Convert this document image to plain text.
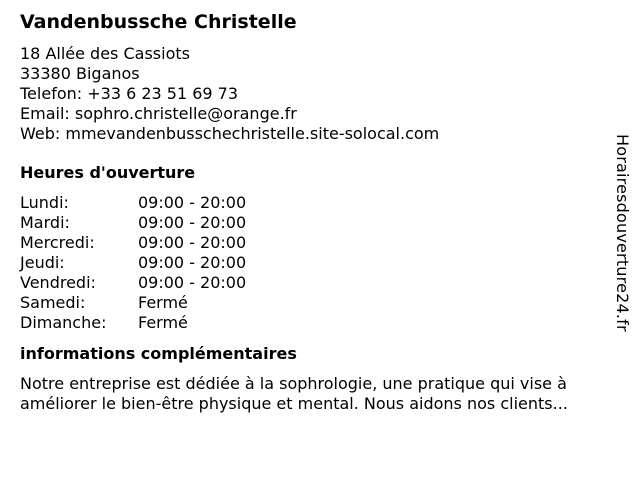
Vandenbussche Christelle
18 Allée des Cassiots
33380 Biganos
Telefon: +33 6 23 51 69 73
Email: sophro.christelle@orange.fr
Web: mmevandenbusschechristelle.site-solocal.com
Heures d'ouverture
Lundi:	09:00 - 20:00
Mardi:	09:00 - 20:00
Mercredi:	09:00 - 20:00
Jeudi:	09:00 - 20:00
Vendredi:	09:00 - 20:00
Samedi:	Fermé
Dimanche:	Fermé
informations complémentaires
Notre entreprise est dédiée à la sophrologie, une pratique qui vise à améliorer le bien-être physique et mental. Nous aidons nos clients...
Horairesdouverture24.fr
